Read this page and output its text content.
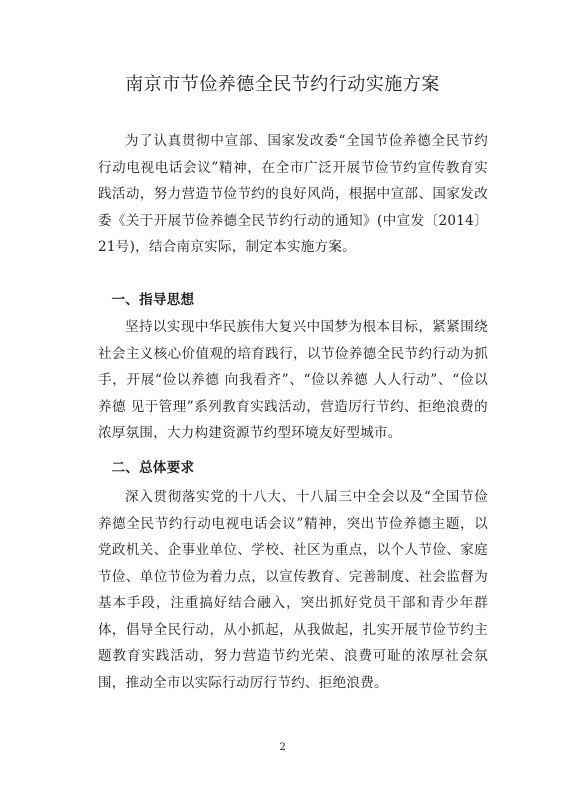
南京市节俭养德全民节约行动实施方案

为了认真贯彻中宣部、国家发改委“全国节俭养德全民节约行动电视电话会议”精神，在全市广泛开展节俭节约宣传教育实践活动，努力营造节俭节约的良好风尚，根据中宣部、国家发改委《关于开展节俭养德全民节约行动的通知》(中宣发〔2014〕21号)，结合南京实际，制定本实施方案。

一、指导思想

坚持以实现中华民族伟大复兴中国梦为根本目标，紧紧围绕社会主义核心价值观的培育践行，以节俭养德全民节约行动为抓手，开展“俭以养德 向我看齐”、“俭以养德 人人行动”、“俭以养德 见于管理”系列教育实践活动，营造厉行节约、拒绝浪费的浓厚氛围，大力构建资源节约型环境友好型城市。

二、总体要求

深入贯彻落实党的十八大、十八届三中全会以及“全国节俭养德全民节约行动电视电话会议”精神，突出节俭养德主题，以党政机关、企事业单位、学校、社区为重点，以个人节俭、家庭节俭、单位节俭为着力点，以宣传教育、完善制度、社会监督为基本手段，注重搞好结合融入，突出抓好党员干部和青少年群体，倡导全民行动，从小抓起，从我做起，扎实开展节俭节约主题教育实践活动，努力营造节约光荣、浪费可耻的浓厚社会氛围，推动全市以实际行动厉行节约、拒绝浪费。

2
